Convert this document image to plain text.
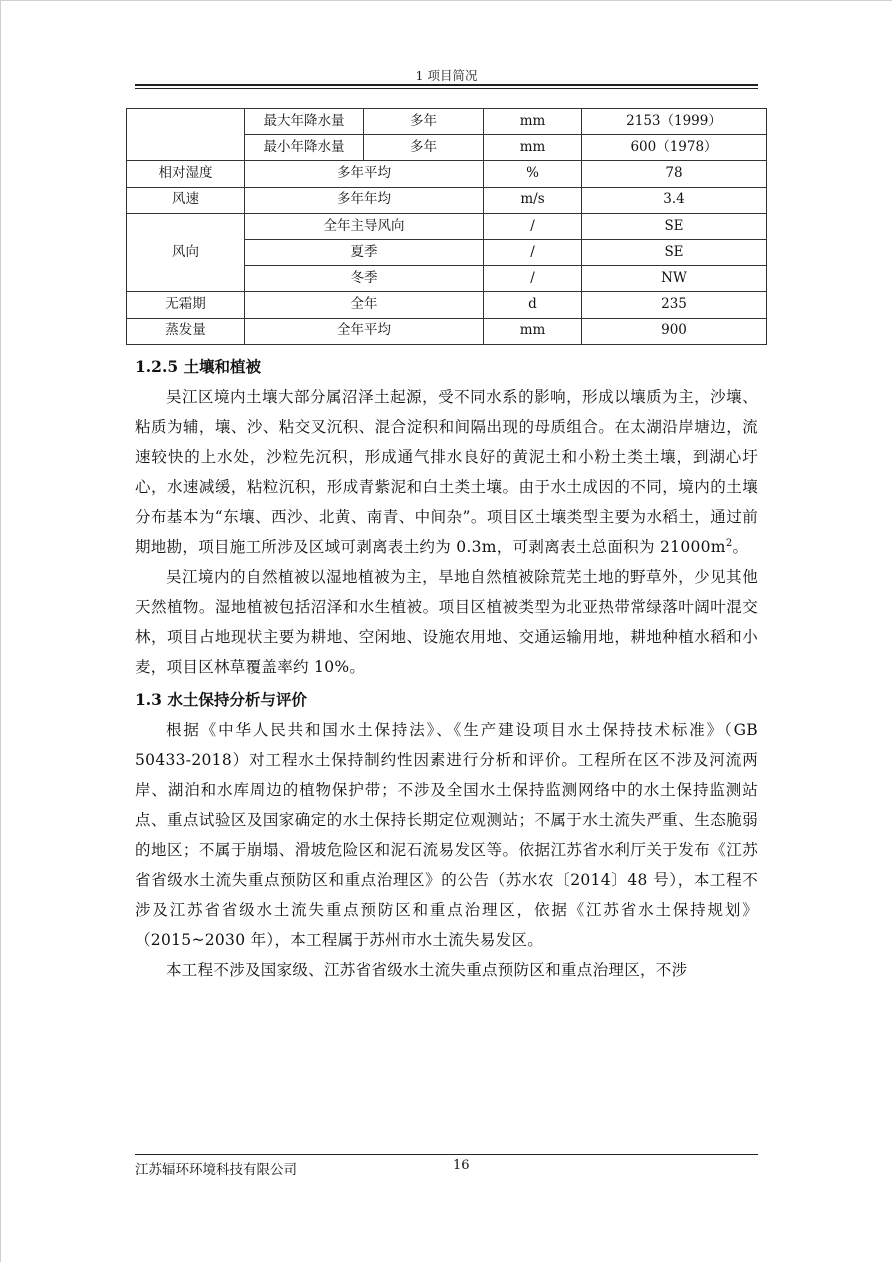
1 项目简况
	最大年降水量	多年	mm	2153（1999）
	最小年降水量	多年	mm	600（1978）
相对湿度	多年平均		%	78
风速	多年年均		m/s	3.4
风向	全年主导风向		/	SE
	夏季		/	SE
	冬季		/	NW
无霜期	全年		d	235
蒸发量	全年平均		mm	900
1.2.5 土壤和植被

吴江区境内土壤大部分属沼泽土起源，受不同水系的影响，形成以壤质为主，沙壤、粘质为辅，壤、沙、粘交叉沉积、混合淀积和间隔出现的母质组合。在太湖沿岸塘边，流速较快的上水处，沙粒先沉积，形成通气排水良好的黄泥土和小粉土类土壤，到湖心圩心，水速减缓，粘粒沉积，形成青紫泥和白土类土壤。由于水土成因的不同，境内的土壤分布基本为“东壤、西沙、北黄、南青、中间杂”。项目区土壤类型主要为水稻土，通过前期地勘，项目施工所涉及区域可剥离表土约为 0.3m，可剥离表土总面积为 $21000m^2$。

吴江境内的自然植被以湿地植被为主，旱地自然植被除荒芜土地的野草外，少见其他天然植物。湿地植被包括沼泽和水生植被。项目区植被类型为北亚热带常绿落叶阔叶混交林，项目占地现状主要为耕地、空闲地、设施农用地、交通运输用地，耕地种植水稻和小麦，项目区林草覆盖率约 10%。

1.3 水土保持分析与评价

根据《中华人民共和国水土保持法》、《生产建设项目水土保持技术标准》（GB 50433-2018）对工程水土保持制约性因素进行分析和评价。工程所在区不涉及河流两岸、湖泊和水库周边的植物保护带；不涉及全国水土保持监测网络中的水土保持监测站点、重点试验区及国家确定的水土保持长期定位观测站；不属于水土流失严重、生态脆弱的地区；不属于崩塌、滑坡危险区和泥石流易发区等。依据江苏省水利厅关于发布《江苏省省级水土流失重点预防区和重点治理区》的公告（苏水农〔2014〕48 号），本工程不涉及江苏省省级水土流失重点预防区和重点治理区，依据《江苏省水土保持规划》（2015~2030 年），本工程属于苏州市水土流失易发区。

本工程不涉及国家级、江苏省省级水土流失重点预防区和重点治理区，不涉

江苏辐环环境科技有限公司	16
